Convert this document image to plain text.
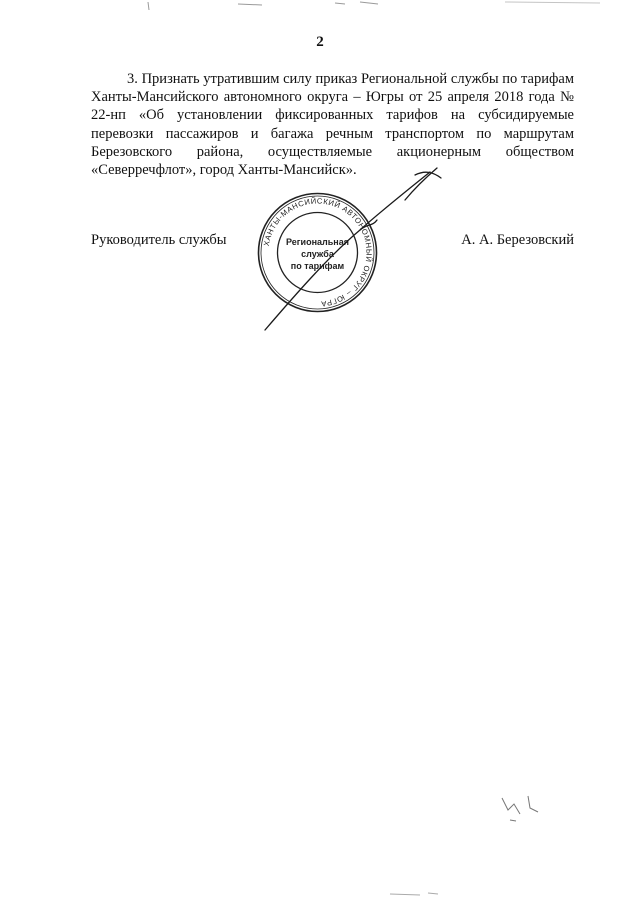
2

3. Признать утратившим силу приказ Региональной службы по тарифам Ханты-Мансийского автономного округа – Югры от 25 апреля 2018 года № 22-нп «Об установлении фиксированных тарифов на субсидируемые перевозки пассажиров и багажа речным транспортом по маршрутам Березовского района, осуществляемые акционерным обществом «Северречфлот», город Ханты-Мансийск».

Руководитель службы	А. А. Березовский
ХАНТЫ-МАНСИЙСКИЙ АВТОНОМНЫЙ ОКРУГ – ЮГРА
Региональная
служба
по тарифам
